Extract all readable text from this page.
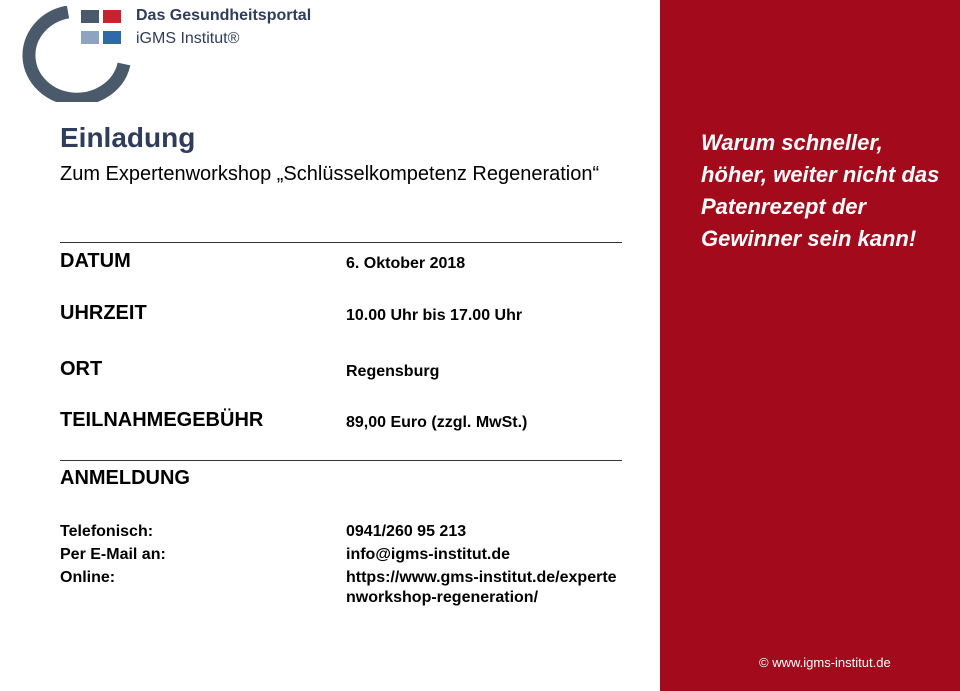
Das Gesundheitsportal
iGMS Institut®
Einladung
Zum Expertenworkshop „Schlüsselkompetenz Regeneration“
DATUM	6. Oktober 2018
UHRZEIT	10.00 Uhr bis 17.00 Uhr
ORT	Regensburg
TEILNAHMEGEBÜHR	89,00 Euro (zzgl. MwSt.)
ANMELDUNG
Telefonisch:	0941/260 95 213
Per E-Mail an:	info@igms-institut.de
Online:	https://www.gms-institut.de/expertenworkshop-regeneration/
Warum schneller, höher, weiter nicht das Patenrezept der Gewinner sein kann!
© www.igms-institut.de
